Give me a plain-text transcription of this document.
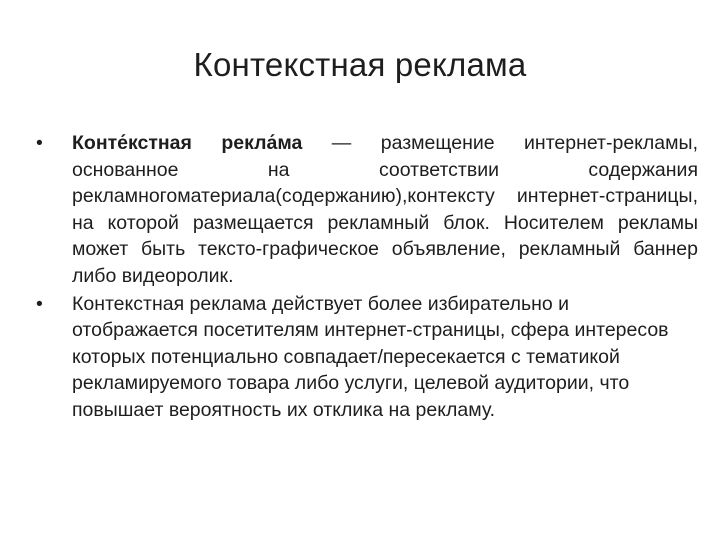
Контекстная реклама
•	Конте́кстная рекла́ма — размещение интернет-рекламы, основанное на соответствии содержания рекламногоматериала(содержанию),контексту интернет-страницы, на которой размещается рекламный блок. Носителем рекламы может быть тексто-графическое объявление, рекламный баннер либо видеоролик.
•	Контекстная реклама действует более избирательно и отображается посетителям интернет-страницы, сфера интересов которых потенциально совпадает/пересекается с тематикой рекламируемого товара либо услуги, целевой аудитории, что повышает вероятность их отклика на рекламу.
